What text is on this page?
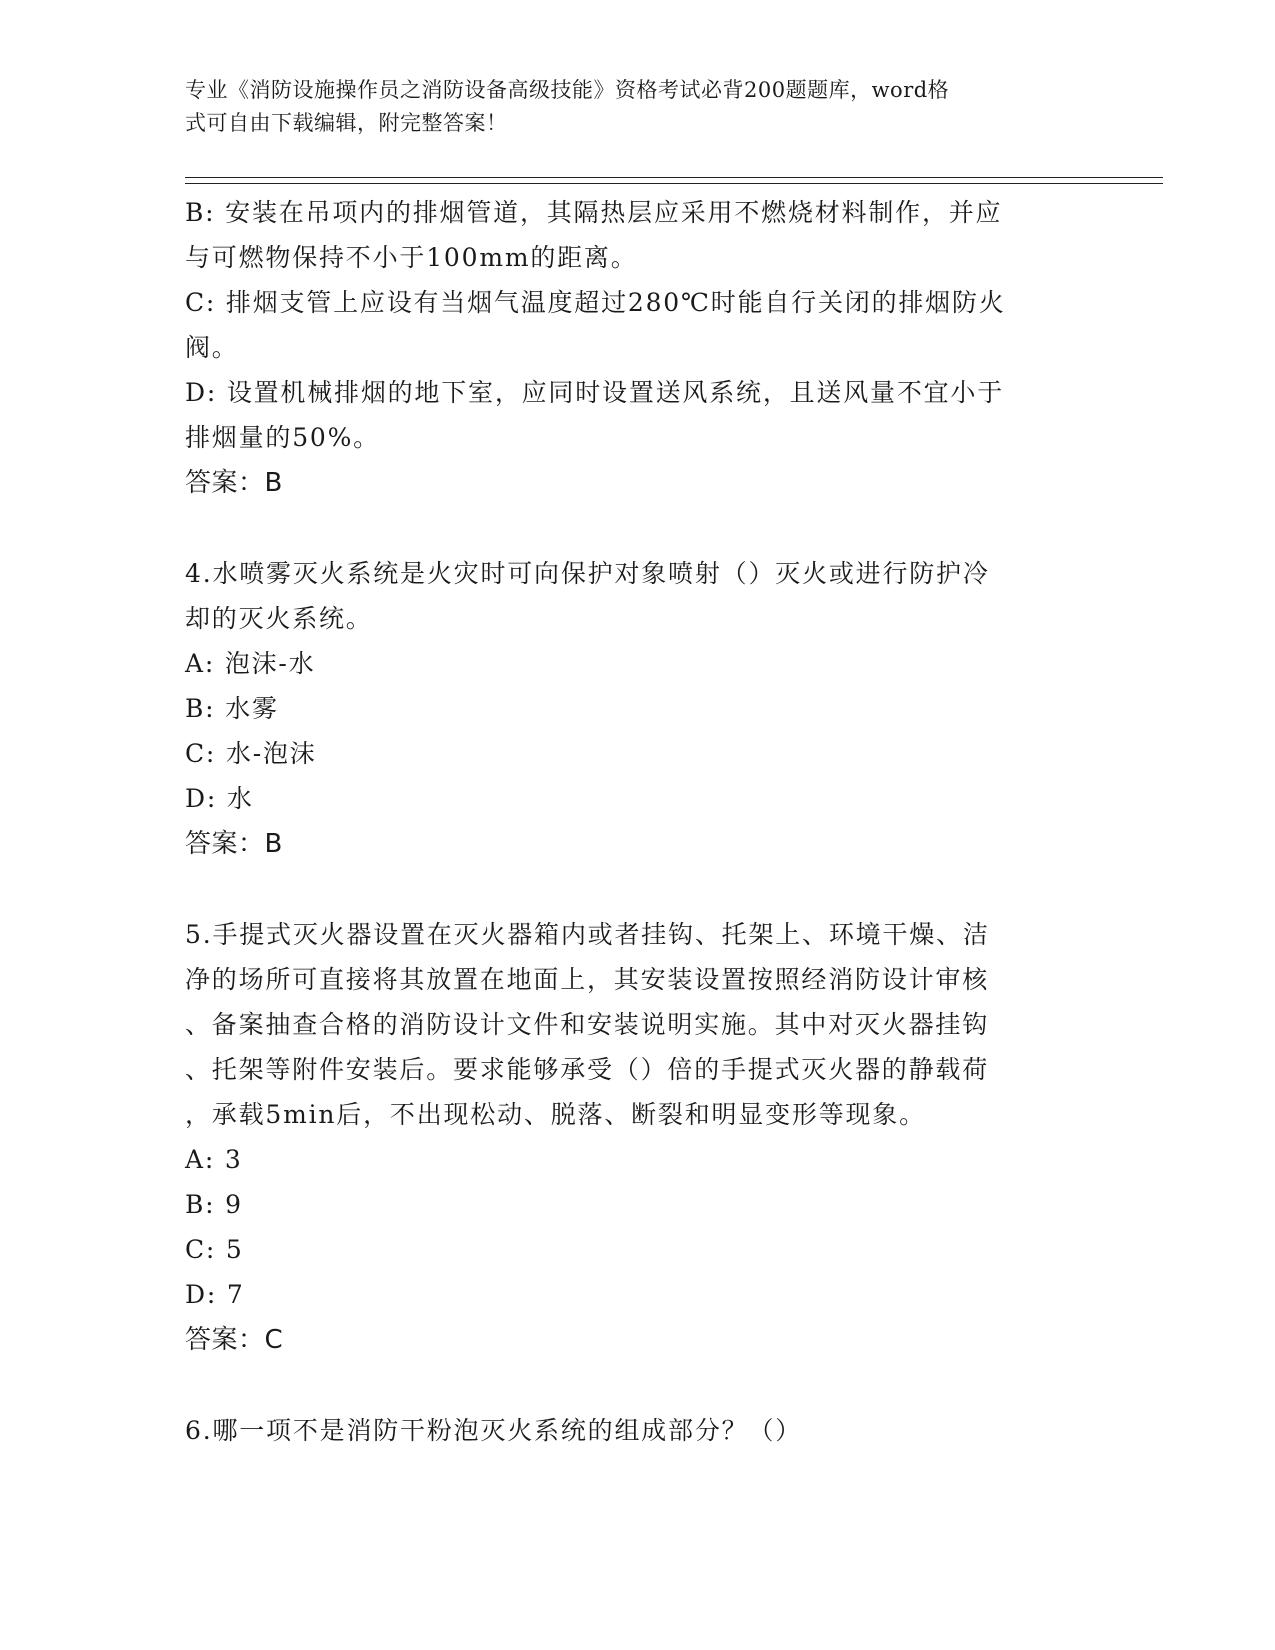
专业《消防设施操作员之消防设备高级技能》资格考试必背200题题库，word格
式可自由下载编辑，附完整答案！
B: 安装在吊项内的排烟管道，其隔热层应采用不燃烧材料制作，并应
与可燃物保持不小于100mm的距离。
C: 排烟支管上应设有当烟气温度超过280℃时能自行关闭的排烟防火
阀。
D: 设置机械排烟的地下室，应同时设置送风系统，且送风量不宜小于
排烟量的50%。
答案：B
4.水喷雾灭火系统是火灾时可向保护对象喷射（）灭火或进行防护冷
却的灭火系统。
A: 泡沫-水
B: 水雾
C: 水-泡沫
D: 水
答案：B
5.手提式灭火器设置在灭火器箱内或者挂钩、托架上、环境干燥、洁
净的场所可直接将其放置在地面上，其安装设置按照经消防设计审核
、备案抽查合格的消防设计文件和安装说明实施。其中对灭火器挂钩
、托架等附件安装后。要求能够承受（）倍的手提式灭火器的静载荷
，承载5min后，不出现松动、脱落、断裂和明显变形等现象。
A: 3
B: 9
C: 5
D: 7
答案：C
6.哪一项不是消防干粉泡灭火系统的组成部分？（）
